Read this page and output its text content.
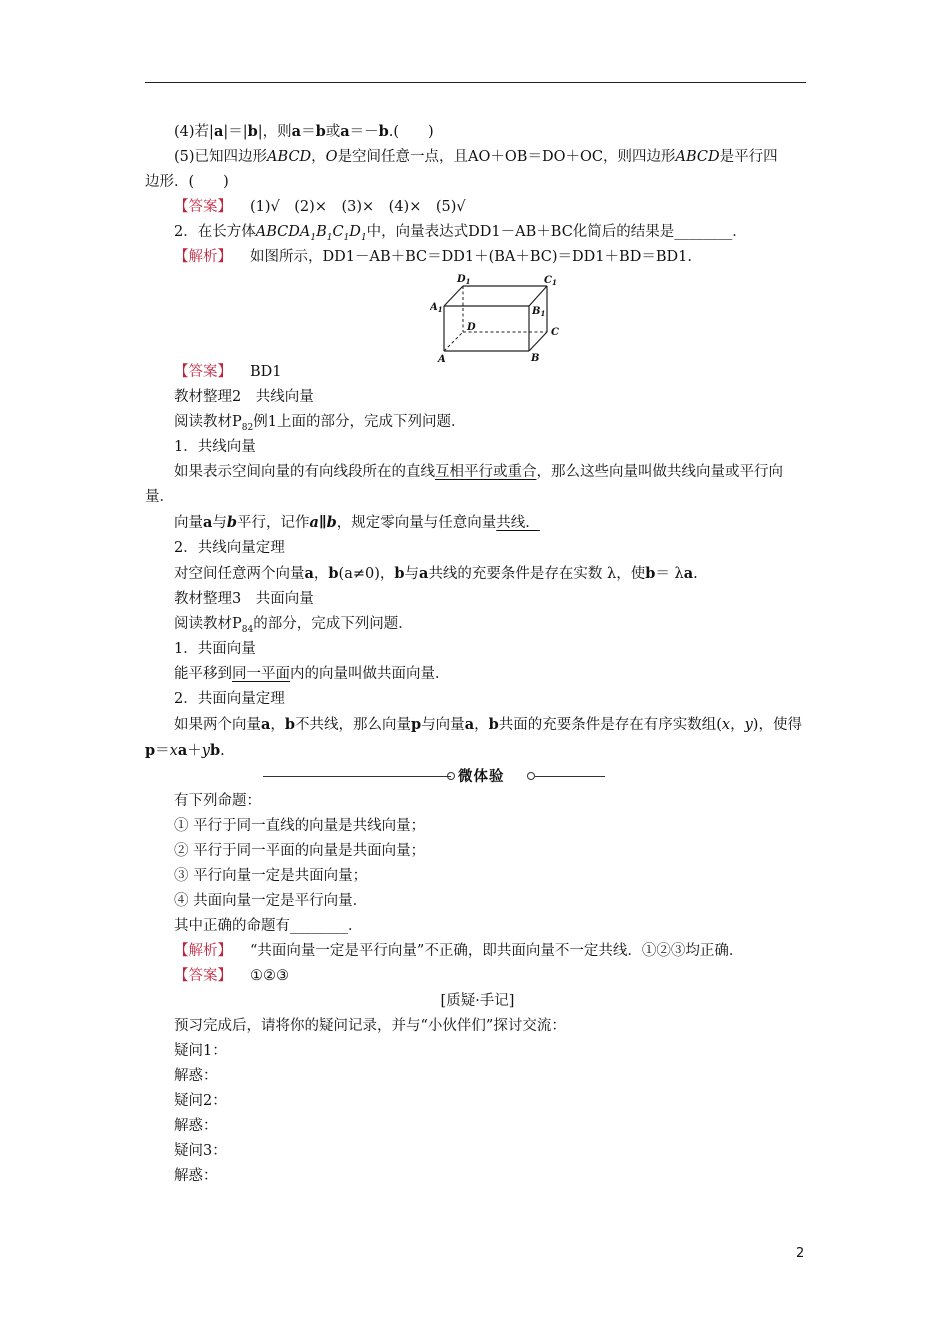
(4)若|a|＝|b|，则a＝b或a＝－b.(　　)

(5)已知四边形ABCD，O是空间任意一点，且AO＋OB＝DO＋OC，则四边形ABCD是平行四

边形．(　　)

【答案】 (1)√　(2)×　(3)×　(4)×　(5)√

2．在长方体$ABCDA_1B_1C_1D_1$中，向量表达式DD1－AB＋BC化简后的结果是________．

【解析】 如图所示，DD1－AB＋BC＝DD1＋(BA＋BC)＝DD1＋BD＝BD1.

$D_1$	$C_1$
$A_1$	$B_1$
D	C
A	B

【答案】 BD1

教材整理2　共线向量

阅读教材$P_{82}$例1上面的部分，完成下列问题．

1．共线向量

如果表示空间向量的有向线段所在的直线互相平行或重合，那么这些向量叫做共线向量或平行向量．

向量a与b平行，记作a∥b，规定零向量与任意向量共线．

2．共线向量定理

对空间任意两个向量a，b(a≠0)，b与a共线的充要条件是存在实数 λ，使b＝ λa.

教材整理3　共面向量

阅读教材$P_{84}$的部分，完成下列问题．

1．共面向量

能平移到同一平面内的向量叫做共面向量．

2．共面向量定理

如果两个向量a，b不共线，那么向量p与向量a，b共面的充要条件是存在有序实数组(x，y)，使得p＝xa＋yb.

微体验

有下列命题：

① 平行于同一直线的向量是共线向量；

② 平行于同一平面的向量是共面向量；

③ 平行向量一定是共面向量；

④ 共面向量一定是平行向量．

其中正确的命题有________．

【解析】 “共面向量一定是平行向量”不正确，即共面向量不一定共线．①②③均正确．

【答案】 ①②③

[质疑·手记]

预习完成后，请将你的疑问记录，并与“小伙伴们”探讨交流：

疑问1：

解惑：

疑问2：

解惑：

疑问3：

解惑：

2
